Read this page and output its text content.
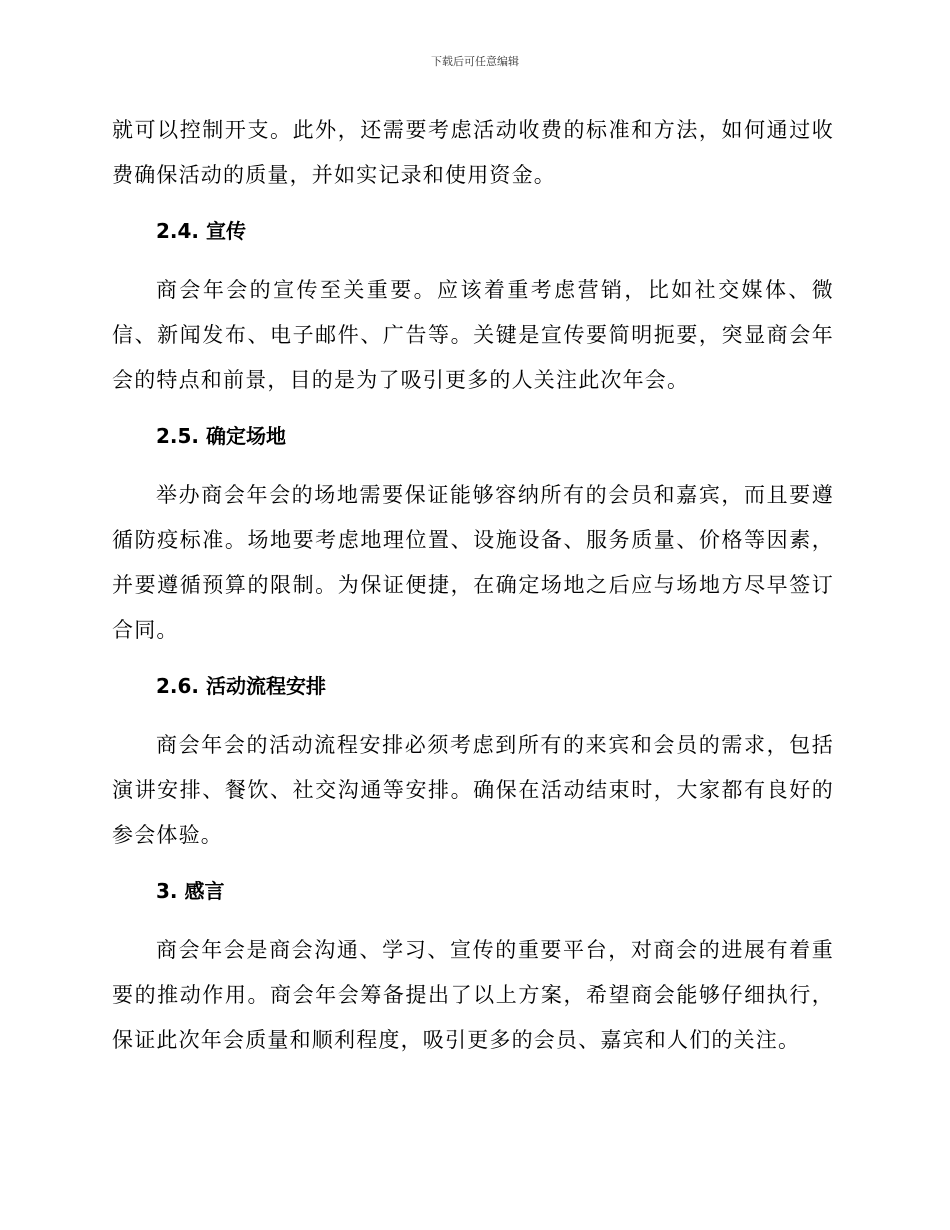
下载后可任意编辑

就可以控制开支。此外，还需要考虑活动收费的标准和方法，如何通过收费确保活动的质量，并如实记录和使用资金。

2.4. 宣传

商会年会的宣传至关重要。应该着重考虑营销，比如社交媒体、微信、新闻发布、电子邮件、广告等。关键是宣传要简明扼要，突显商会年会的特点和前景，目的是为了吸引更多的人关注此次年会。

2.5. 确定场地

举办商会年会的场地需要保证能够容纳所有的会员和嘉宾，而且要遵循防疫标准。场地要考虑地理位置、设施设备、服务质量、价格等因素，并要遵循预算的限制。为保证便捷，在确定场地之后应与场地方尽早签订合同。

2.6. 活动流程安排

商会年会的活动流程安排必须考虑到所有的来宾和会员的需求，包括演讲安排、餐饮、社交沟通等安排。确保在活动结束时，大家都有良好的参会体验。

3. 感言

商会年会是商会沟通、学习、宣传的重要平台，对商会的进展有着重要的推动作用。商会年会筹备提出了以上方案，希望商会能够仔细执行，保证此次年会质量和顺利程度，吸引更多的会员、嘉宾和人们的关注。
